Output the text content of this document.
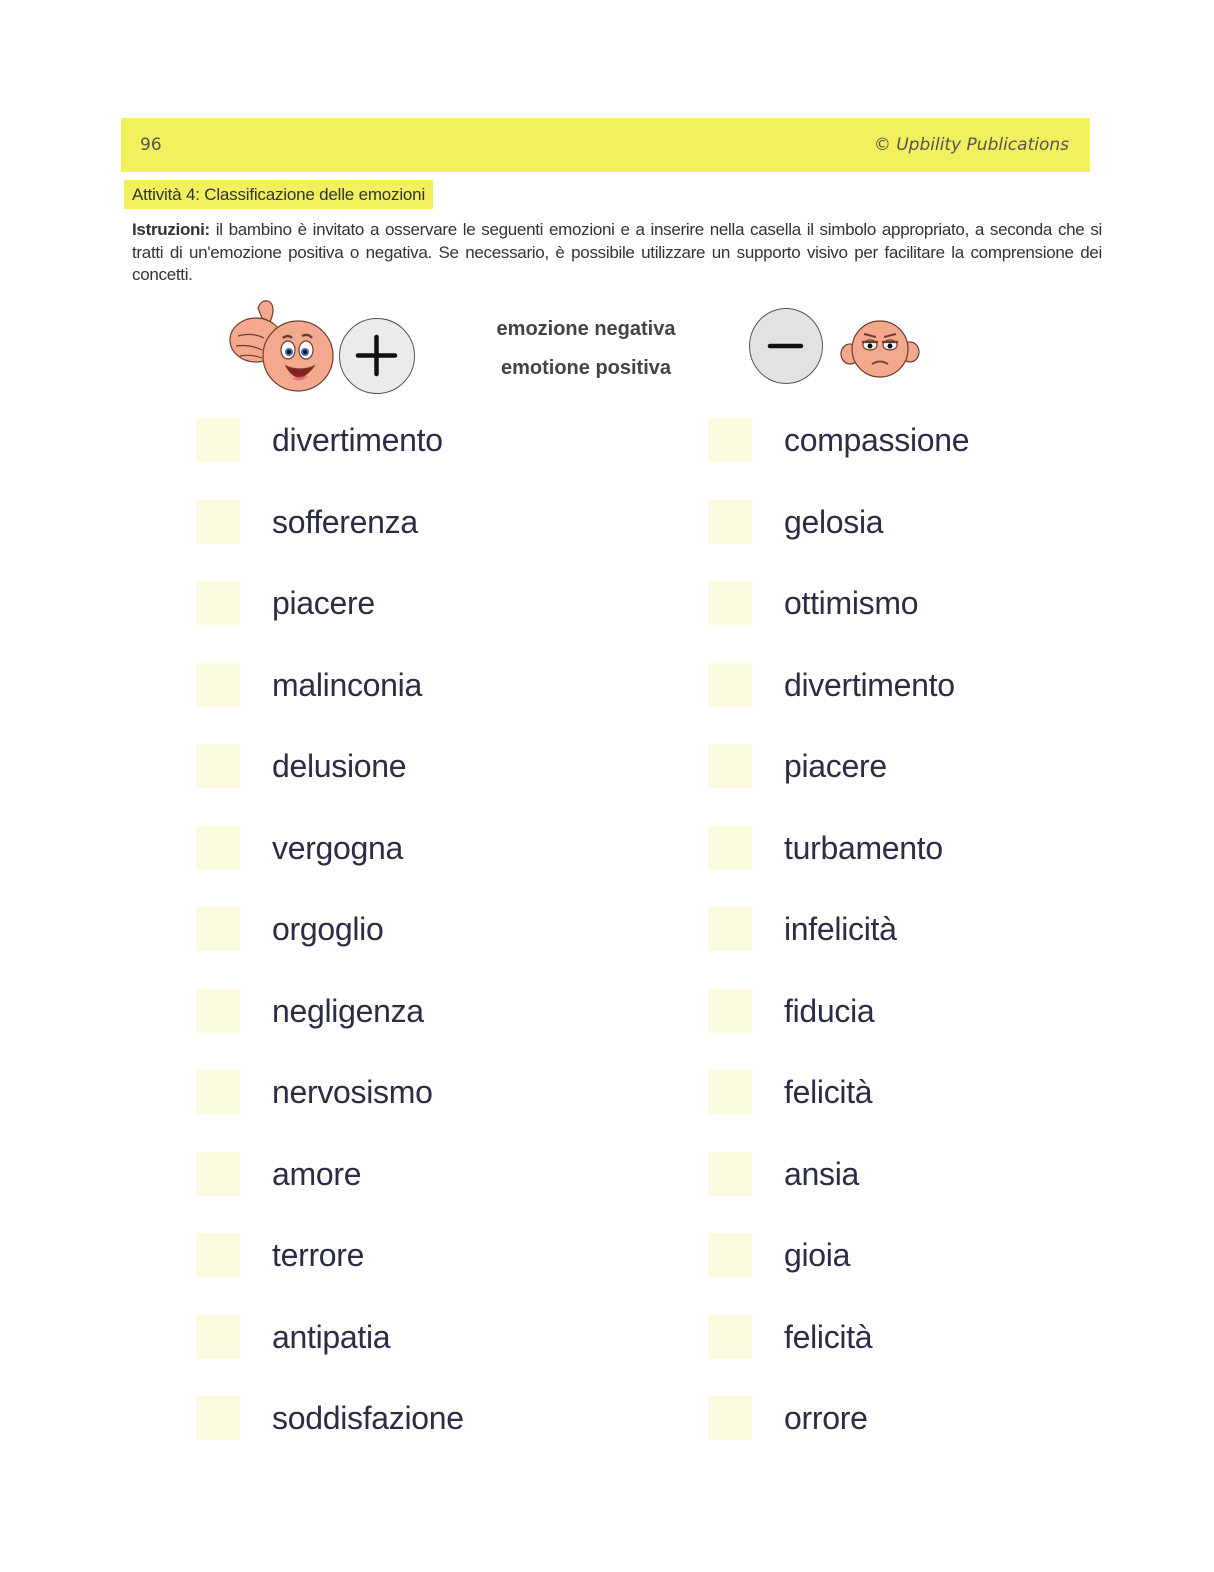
96	© Upbility Publications
Attività 4: Classificazione delle emozioni
Istruzioni: il bambino è invitato a osservare le seguenti emozioni e a inserire nella casella il simbolo appropriato, a seconda che si tratti di un'emozione positiva o negativa. Se necessario, è possibile utilizzare un supporto visivo per facilitare la comprensione dei concetti.
emozione negativa
emotione positiva
divertimento
sofferenza
piacere
malinconia
delusione
vergogna
orgoglio
negligenza
nervosismo
amore
terrore
antipatia
soddisfazione
compassione
gelosia
ottimismo
divertimento
piacere
turbamento
infelicità
fiducia
felicità
ansia
gioia
felicità
orrore
